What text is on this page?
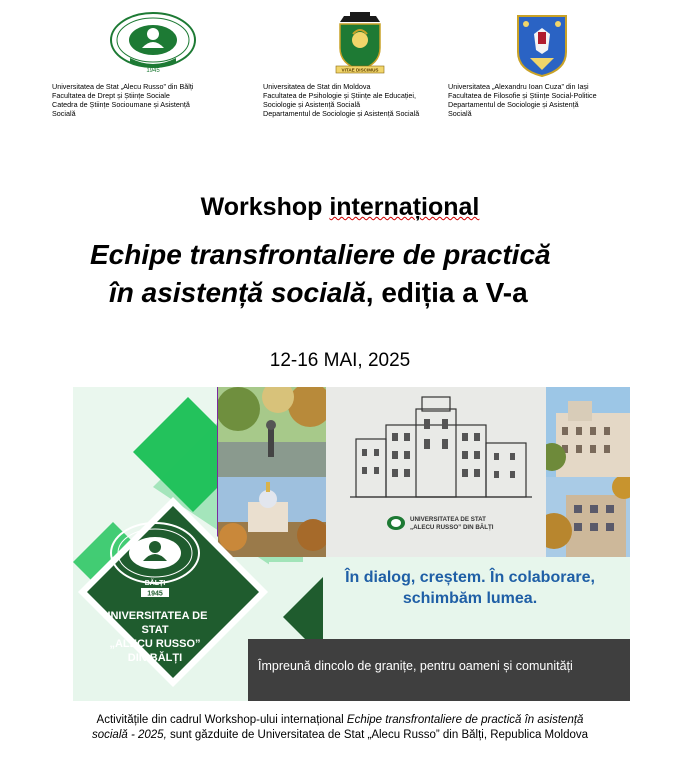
1945	VITAE DISCIMUS
Universitatea de Stat „Alecu Russo” din Bălți
Facultatea de Drept și Științe Sociale
Catedra de Științe Socioumane și Asistență
Socială
Universitatea de Stat din Moldova
Facultatea de Psihologie și Științe ale Educației,
Sociologie și Asistență Socială
Departamentul de Sociologie și Asistență Socială
Universitatea „Alexandru Ioan Cuza” din Iași
Facultatea de Filosofie și Științe Social-Politice
Departamentul de Sociologie și Asistență
Socială
Workshop internațional
Echipe transfrontaliere de practică
în asistență socială, ediția a V-a
12-16 MAI, 2025
UNIVERSITATEA DE STAT
„ALECU RUSSO” DIN BĂLȚI
BĂLȚI
1945
UNIVERSITATEA DE STAT
„ALECU RUSSO”
DIN BĂLȚI
În dialog, creștem. În colaborare,
schimbăm lumea.
Împreună dincolo de granițe, pentru oameni și comunități
Activitățile din cadrul Workshop-ului internațional Echipe transfrontaliere de practică în asistență
socială - 2025, sunt găzduite de Universitatea de Stat „Alecu Russo” din Bălți, Republica Moldova
